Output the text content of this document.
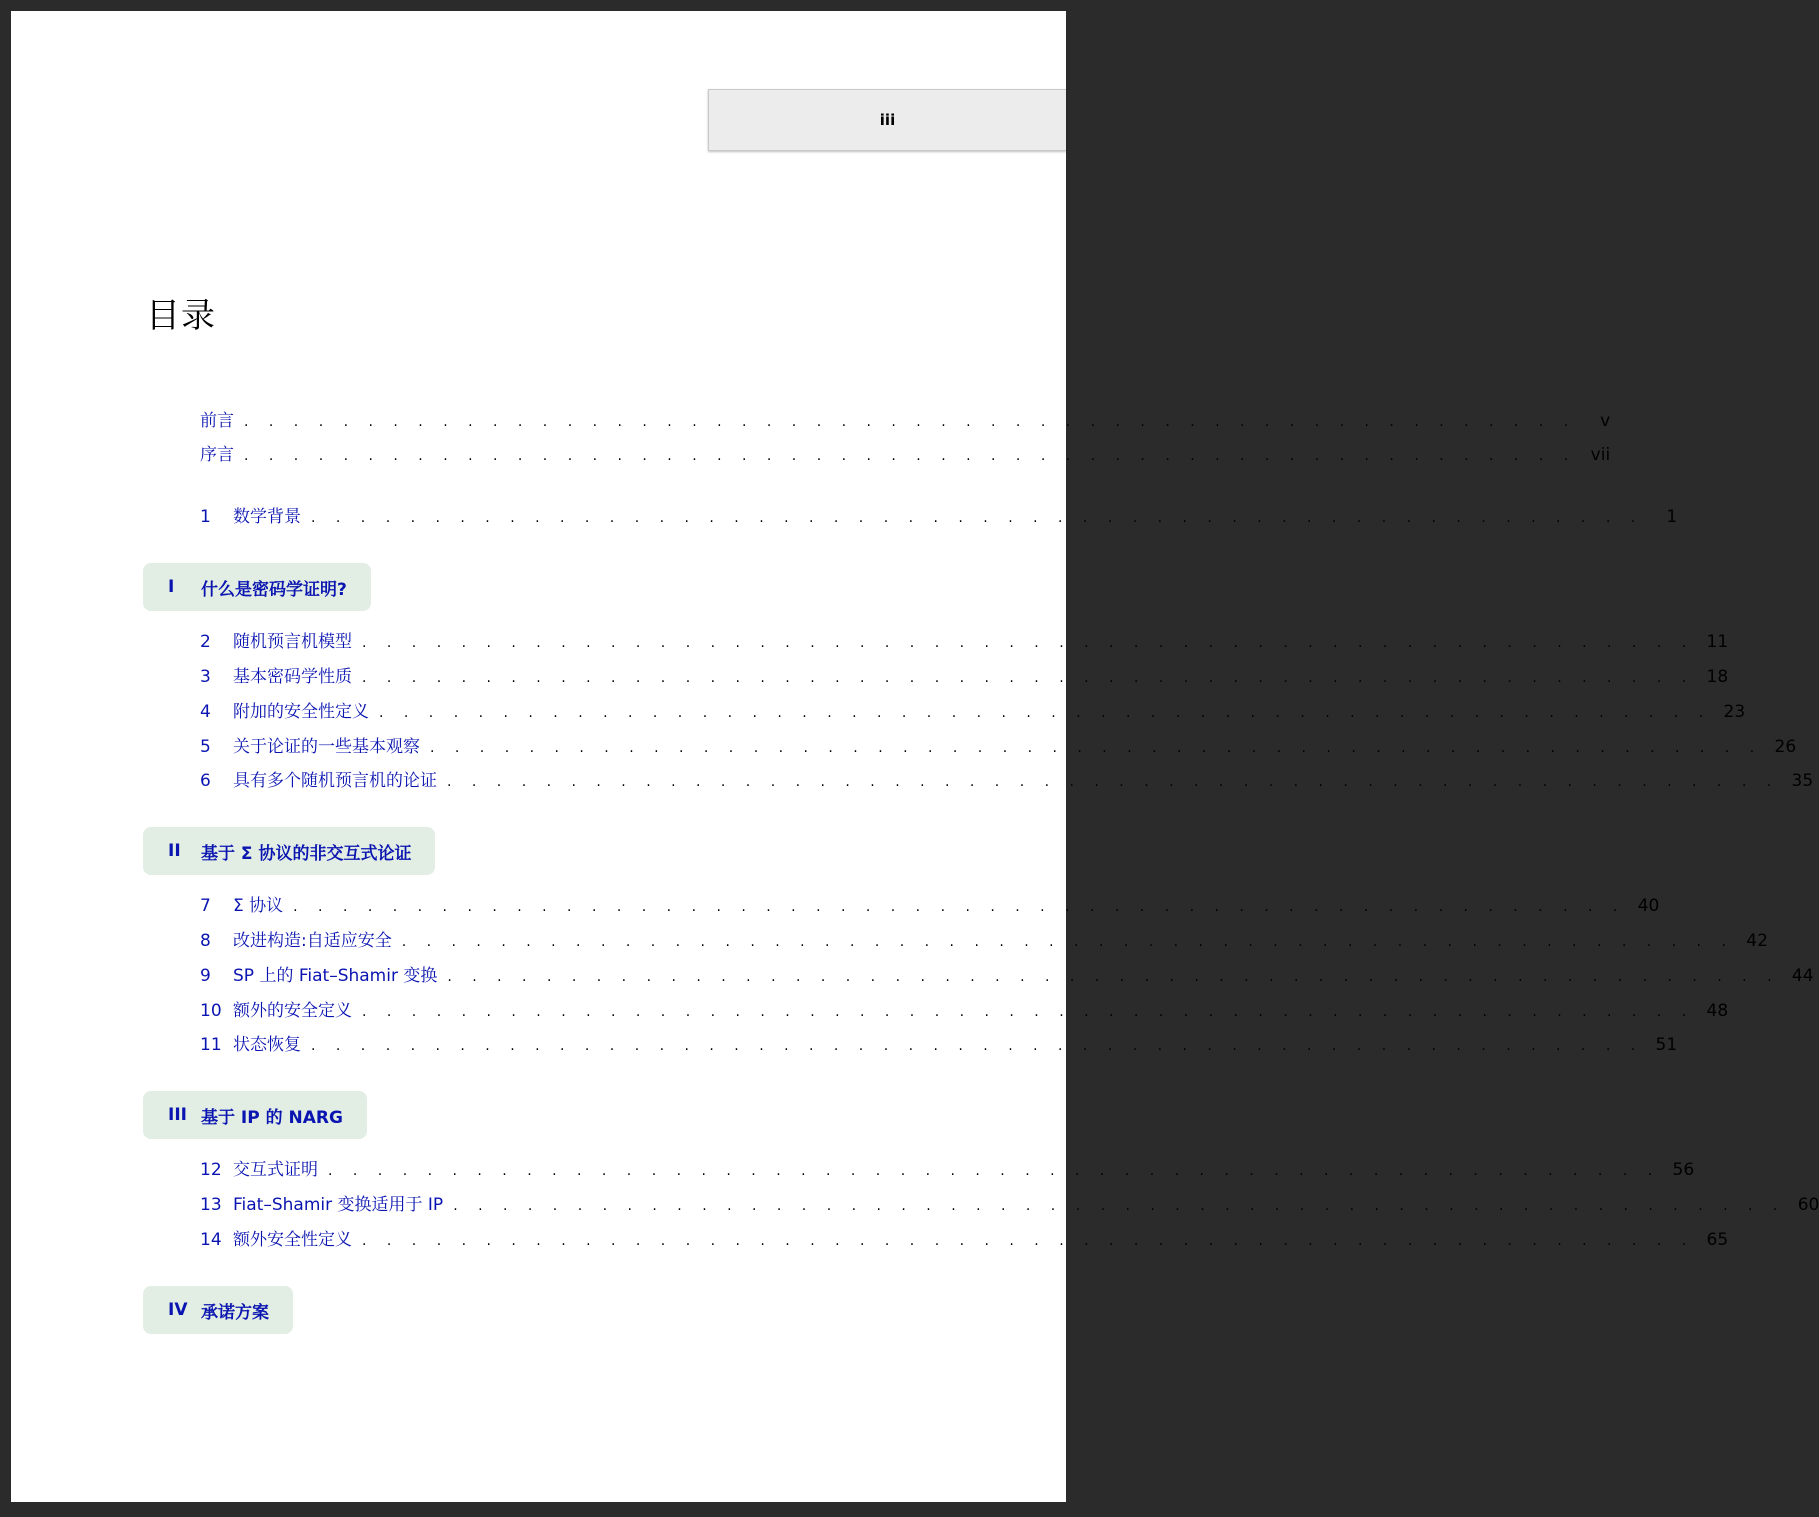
iii
目录
前言 . . . . . . . . . . . . . . . . . . . . . . . . . . . . . . . . . . . . . . . . . . . . . . . . . . . . . .	v
序言 . . . . . . . . . . . . . . . . . . . . . . . . . . . . . . . . . . . . . . . . . . . . . . . . . . . . . . vii
1	数学背景 . . . . . . . . . . . . . . . . . . . . . . . . . . . . . . . . . . . . . . . . . . . . . . . . . . . . . .	1
I	什么是密码学证明?
2	随机预言机模型 . . . . . . . . . . . . . . . . . . . . . . . . . . . . . . . . . . . . . . . . . . . . . . . . . . . . . . 11
3	基本密码学性质 . . . . . . . . . . . . . . . . . . . . . . . . . . . . . . . . . . . . . . . . . . . . . . . . . . . . . . 18
4	附加的安全性定义 . . . . . . . . . . . . . . . . . . . . . . . . . . . . . . . . . . . . . . . . . . . . . . . . . . . . . . 23
5	关于论证的一些基本观察 . . . . . . . . . . . . . . . . . . . . . . . . . . . . . . . . . . . . . . . . . . . . . . . . . . . . . . 26
6	具有多个随机预言机的论证 . . . . . . . . . . . . . . . . . . . . . . . . . . . . . . . . . . . . . . . . . . . . . . . . . . . . . . 35
II	基于 Σ 协议的非交互式论证
7	Σ 协议 . . . . . . . . . . . . . . . . . . . . . . . . . . . . . . . . . . . . . . . . . . . . . . . . . . . . . . 40
8	改进构造:自适应安全 . . . . . . . . . . . . . . . . . . . . . . . . . . . . . . . . . . . . . . . . . . . . . . . . . . . . . . 42
9	SP 上的 Fiat–Shamir 变换 . . . . . . . . . . . . . . . . . . . . . . . . . . . . . . . . . . . . . . . . . . . . . . . . . . . . . . 44
10 额外的安全定义 . . . . . . . . . . . . . . . . . . . . . . . . . . . . . . . . . . . . . . . . . . . . . . . . . . . . . . 48
11 状态恢复 . . . . . . . . . . . . . . . . . . . . . . . . . . . . . . . . . . . . . . . . . . . . . . . . . . . . . . 51
III 基于 IP 的 NARG
12 交互式证明 . . . . . . . . . . . . . . . . . . . . . . . . . . . . . . . . . . . . . . . . . . . . . . . . . . . . . . 56
13 Fiat–Shamir 变换适用于 IP . . . . . . . . . . . . . . . . . . . . . . . . . . . . . . . . . . . . . . . . . . . . . . . . . . . . . . 60
14 额外安全性定义 . . . . . . . . . . . . . . . . . . . . . . . . . . . . . . . . . . . . . . . . . . . . . . . . . . . . . . 65
IV 承诺方案
